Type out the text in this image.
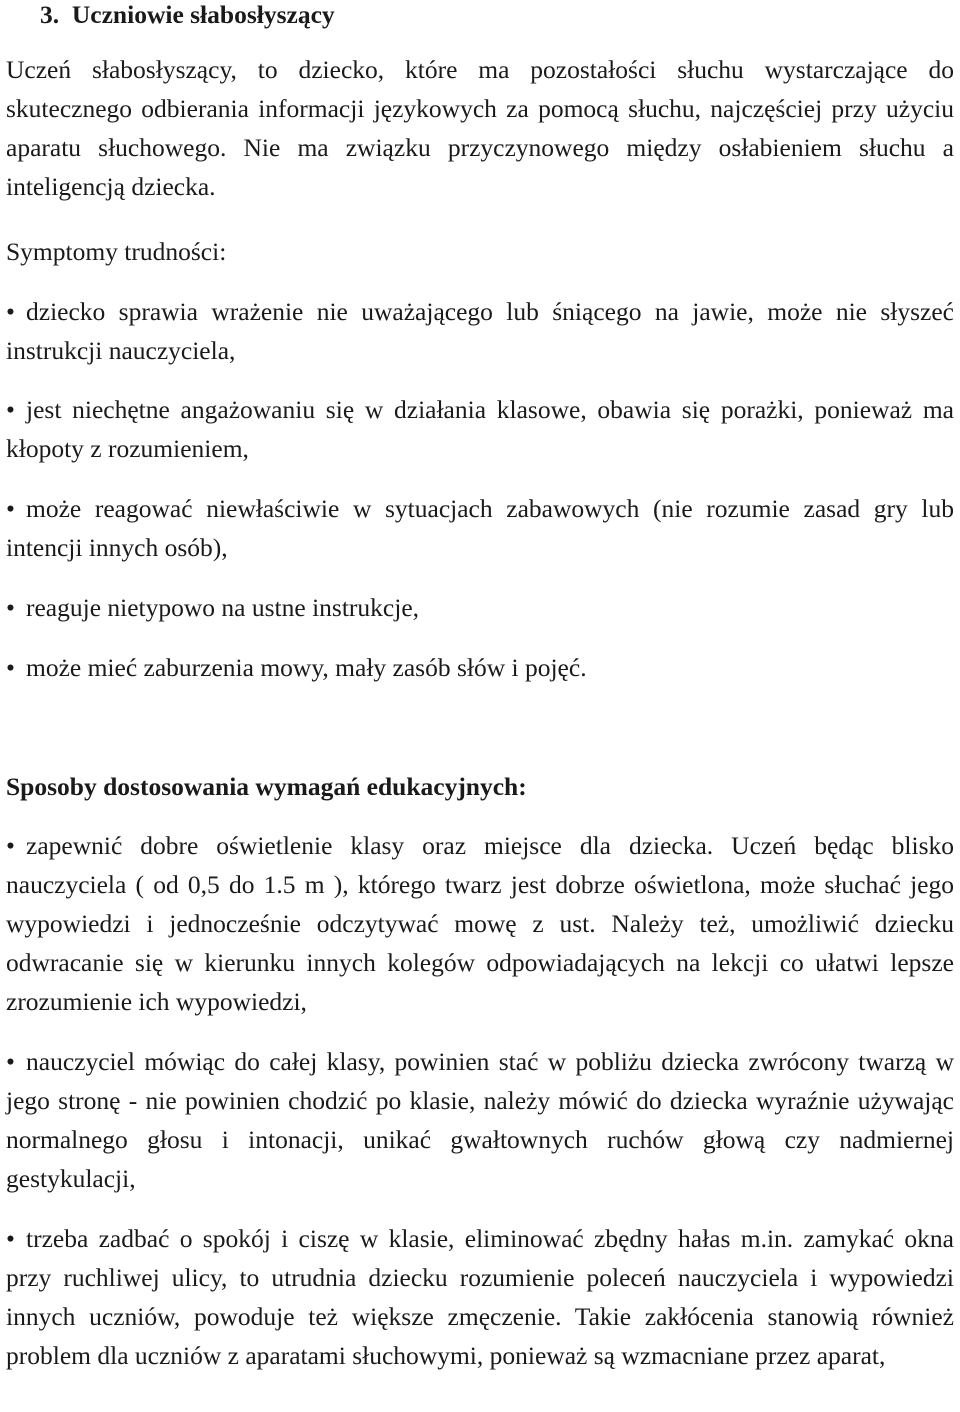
3. Uczniowie słabosłyszący

Uczeń słabosłyszący, to dziecko, które ma pozostałości słuchu wystarczające do skutecznego odbierania informacji językowych za pomocą słuchu, najczęściej przy użyciu aparatu słuchowego. Nie ma związku przyczynowego między osłabieniem słuchu a inteligencją dziecka.

Symptomy trudności:

• dziecko sprawia wrażenie nie uważającego lub śniącego na jawie, może nie słyszeć instrukcji nauczyciela,

• jest niechętne angażowaniu się w działania klasowe, obawia się porażki, ponieważ ma kłopoty z rozumieniem,

• może reagować niewłaściwie w sytuacjach zabawowych (nie rozumie zasad gry lub intencji innych osób),

• reaguje nietypowo na ustne instrukcje,

• może mieć zaburzenia mowy, mały zasób słów i pojęć.

Sposoby dostosowania wymagań edukacyjnych:

• zapewnić dobre oświetlenie klasy oraz miejsce dla dziecka. Uczeń będąc blisko nauczyciela ( od 0,5 do 1.5 m ), którego twarz jest dobrze oświetlona, może słuchać jego wypowiedzi i jednocześnie odczytywać mowę z ust. Należy też, umożliwić dziecku odwracanie się w kierunku innych kolegów odpowiadających na lekcji co ułatwi lepsze zrozumienie ich wypowiedzi,

• nauczyciel mówiąc do całej klasy, powinien stać w pobliżu dziecka zwrócony twarzą w jego stronę - nie powinien chodzić po klasie, należy mówić do dziecka wyraźnie używając normalnego głosu i intonacji, unikać gwałtownych ruchów głową czy nadmiernej gestykulacji,

• trzeba zadbać o spokój i ciszę w klasie, eliminować zbędny hałas m.in. zamykać okna przy ruchliwej ulicy, to utrudnia dziecku rozumienie poleceń nauczyciela i wypowiedzi innych uczniów, powoduje też większe zmęczenie. Takie zakłócenia stanowią również problem dla uczniów z aparatami słuchowymi, ponieważ są wzmacniane przez aparat,
